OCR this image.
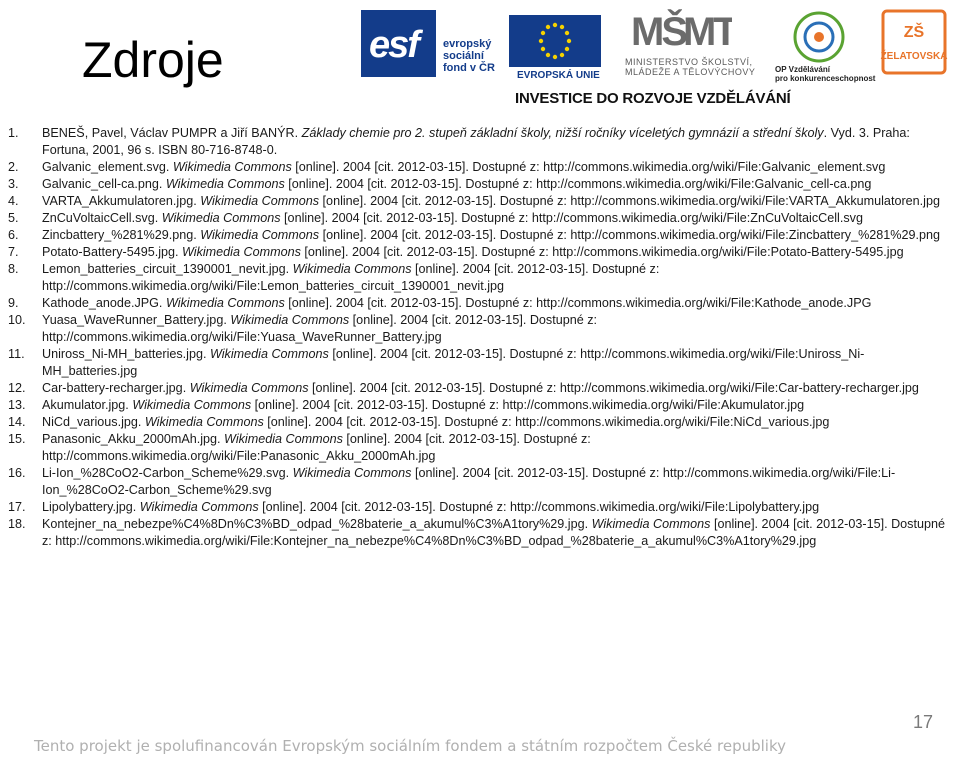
Zdroje	esf evropský
sociální
fond v ČR
EVROPSKÁ UNIE
MŠ
MT
MINISTERSTVO ŠKOLSTVÍ,
MLÁDEŽE A TĚLOVÝCHOVY OP Vzdělávání
pro konkurenceschopnost
ZŠ
ŽELATOVSKÁ
INVESTICE DO ROZVOJE VZDĚLÁVÁNÍ
1. BENEŠ, Pavel, Václav PUMPR a Jiří BANÝR. Základy chemie pro 2. stupeň základní školy, nižší ročníky víceletých gymnázií a střední školy. Vyd. 3. Praha: Fortuna, 2001, 96 s. ISBN 80-716-8748-0.
2. Galvanic_element.svg. Wikimedia Commons [online]. 2004 [cit. 2012-03-15]. Dostupné z: http://commons.wikimedia.org/wiki/File:Galvanic_element.svg
3. Galvanic_cell-ca.png. Wikimedia Commons [online]. 2004 [cit. 2012-03-15]. Dostupné z: http://commons.wikimedia.org/wiki/File:Galvanic_cell-ca.png
4. VARTA_Akkumulatoren.jpg. Wikimedia Commons [online]. 2004 [cit. 2012-03-15]. Dostupné z: http://commons.wikimedia.org/wiki/File:VARTA_Akkumulatoren.jpg
5. ZnCuVoltaicCell.svg. Wikimedia Commons [online]. 2004 [cit. 2012-03-15]. Dostupné z: http://commons.wikimedia.org/wiki/File:ZnCuVoltaicCell.svg
6. Zincbattery_%281%29.png. Wikimedia Commons [online]. 2004 [cit. 2012-03-15]. Dostupné z: http://commons.wikimedia.org/wiki/File:Zincbattery_%281%29.png
7. Potato-Battery-5495.jpg. Wikimedia Commons [online]. 2004 [cit. 2012-03-15]. Dostupné z: http://commons.wikimedia.org/wiki/File:Potato-Battery-5495.jpg
8. Lemon_batteries_circuit_1390001_nevit.jpg. Wikimedia Commons [online]. 2004 [cit. 2012-03-15]. Dostupné z: http://commons.wikimedia.org/wiki/File:Lemon_batteries_circuit_1390001_nevit.jpg
9. Kathode_anode.JPG. Wikimedia Commons [online]. 2004 [cit. 2012-03-15]. Dostupné z: http://commons.wikimedia.org/wiki/File:Kathode_anode.JPG
10. Yuasa_WaveRunner_Battery.jpg. Wikimedia Commons [online]. 2004 [cit. 2012-03-15]. Dostupné z: http://commons.wikimedia.org/wiki/File:Yuasa_WaveRunner_Battery.jpg
11. Uniross_Ni-MH_batteries.jpg. Wikimedia Commons [online]. 2004 [cit. 2012-03-15]. Dostupné z: http://commons.wikimedia.org/wiki/File:Uniross_Ni-MH_batteries.jpg
12. Car-battery-recharger.jpg. Wikimedia Commons [online]. 2004 [cit. 2012-03-15]. Dostupné z: http://commons.wikimedia.org/wiki/File:Car-battery-recharger.jpg
13. Akumulator.jpg. Wikimedia Commons [online]. 2004 [cit. 2012-03-15]. Dostupné z: http://commons.wikimedia.org/wiki/File:Akumulator.jpg
14. NiCd_various.jpg. Wikimedia Commons [online]. 2004 [cit. 2012-03-15]. Dostupné z: http://commons.wikimedia.org/wiki/File:NiCd_various.jpg
15. Panasonic_Akku_2000mAh.jpg. Wikimedia Commons [online]. 2004 [cit. 2012-03-15]. Dostupné z: http://commons.wikimedia.org/wiki/File:Panasonic_Akku_2000mAh.jpg
16. Li-Ion_%28CoO2-Carbon_Scheme%29.svg. Wikimedia Commons [online]. 2004 [cit. 2012-03-15]. Dostupné z: http://commons.wikimedia.org/wiki/File:Li-Ion_%28CoO2-Carbon_Scheme%29.svg
17. Lipolybattery.jpg. Wikimedia Commons [online]. 2004 [cit. 2012-03-15]. Dostupné z: http://commons.wikimedia.org/wiki/File:Lipolybattery.jpg
18. Kontejner_na_nebezpe%C4%8Dn%C3%BD_odpad_%28baterie_a_akumul%C3%A1tory%29.jpg. Wikimedia Commons [online]. 2004 [cit. 2012-03-15]. Dostupné z: http://commons.wikimedia.org/wiki/File:Kontejner_na_nebezpe%C4%8Dn%C3%BD_odpad_%28baterie_a_akumul%C3%A1tory%29.jpg
17
Tento projekt je spolufinancován Evropským sociálním fondem a státním rozpočtem České republiky
